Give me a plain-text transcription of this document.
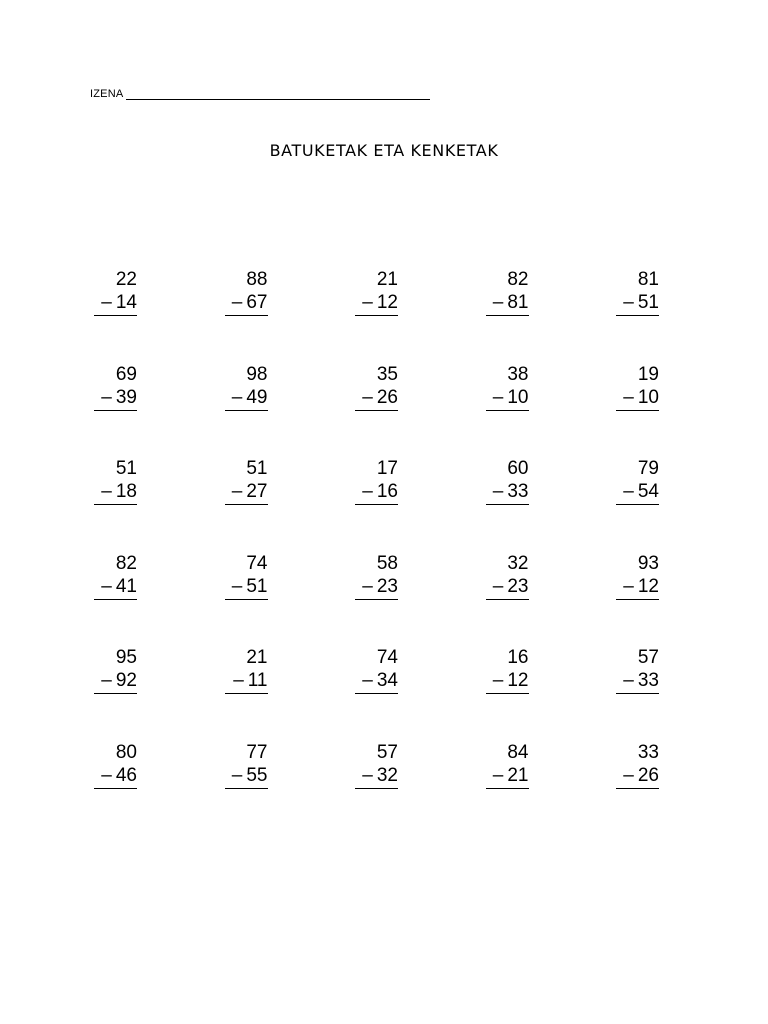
IZENA
BATUKETAK ETA KENKETAK
22
– 14
88
– 67
21
– 12
82
– 81
81
– 51
69
– 39
98
– 49
35
– 26
38
– 10
19
– 10
51
– 18
51
– 27
17
– 16
60
– 33
79
– 54
82
– 41
74
– 51
58
– 23
32
– 23
93
– 12
95
– 92
21
– 11
74
– 34
16
– 12
57
– 33
80
– 46
77
– 55
57
– 32
84
– 21
33
– 26
